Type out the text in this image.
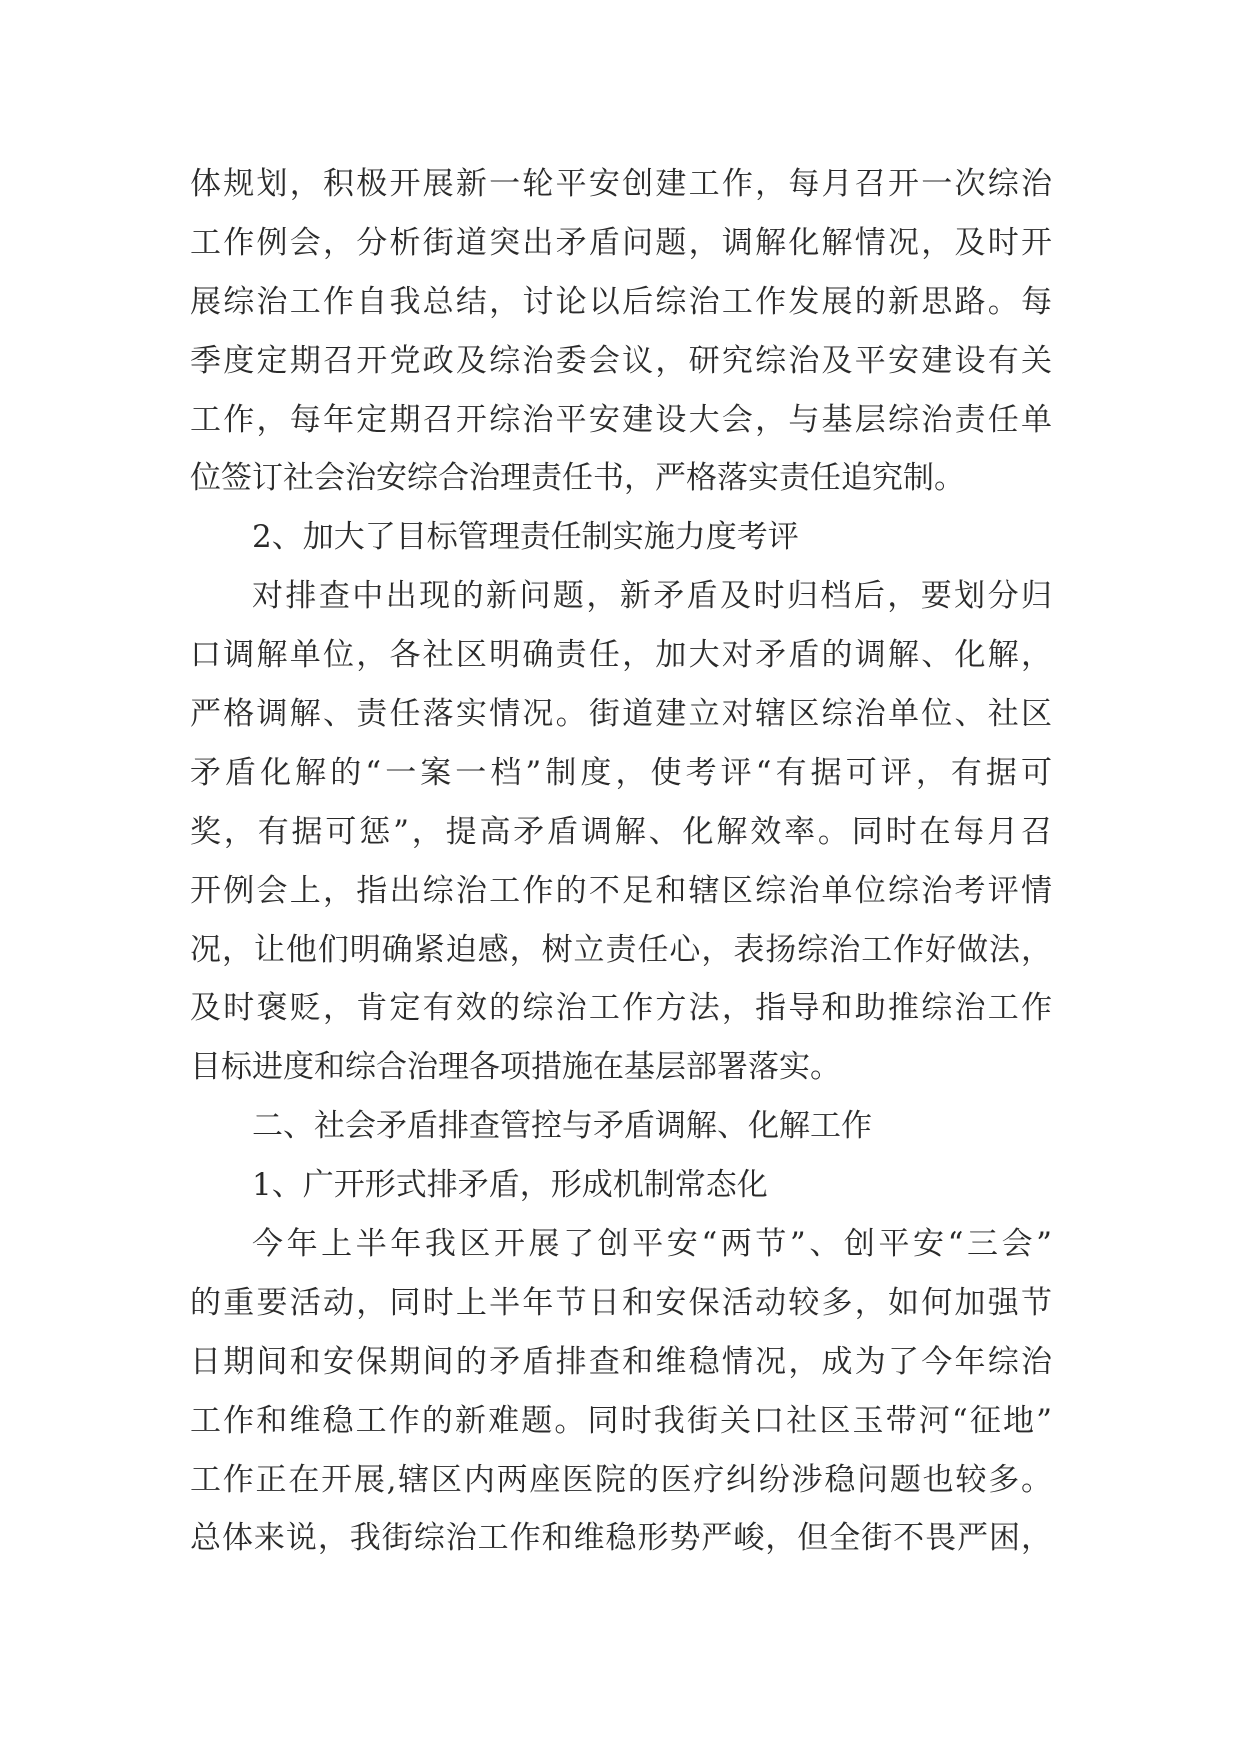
体规划，积极开展新一轮平安创建工作，每月召开一次综治
工作例会，分析街道突出矛盾问题，调解化解情况，及时开
展综治工作自我总结，讨论以后综治工作发展的新思路。每
季度定期召开党政及综治委会议，研究综治及平安建设有关
工作，每年定期召开综治平安建设大会，与基层综治责任单
位签订社会治安综合治理责任书，严格落实责任追究制。
2、加大了目标管理责任制实施力度考评
对排查中出现的新问题，新矛盾及时归档后，要划分归
口调解单位，各社区明确责任，加大对矛盾的调解、化解，
严格调解、责任落实情况。街道建立对辖区综治单位、社区
矛盾化解的“一案一档”制度，使考评“有据可评，有据可
奖，有据可惩”，提高矛盾调解、化解效率。同时在每月召
开例会上，指出综治工作的不足和辖区综治单位综治考评情
况，让他们明确紧迫感，树立责任心，表扬综治工作好做法，
及时褒贬，肯定有效的综治工作方法，指导和助推综治工作
目标进度和综合治理各项措施在基层部署落实。
二、社会矛盾排查管控与矛盾调解、化解工作
1、广开形式排矛盾，形成机制常态化
今年上半年我区开展了创平安“两节”、创平安“三会”
的重要活动，同时上半年节日和安保活动较多，如何加强节
日期间和安保期间的矛盾排查和维稳情况，成为了今年综治
工作和维稳工作的新难题。同时我街关口社区玉带河“征地”
工作正在开展,辖区内两座医院的医疗纠纷涉稳问题也较多。
总体来说，我街综治工作和维稳形势严峻，但全街不畏严困，
